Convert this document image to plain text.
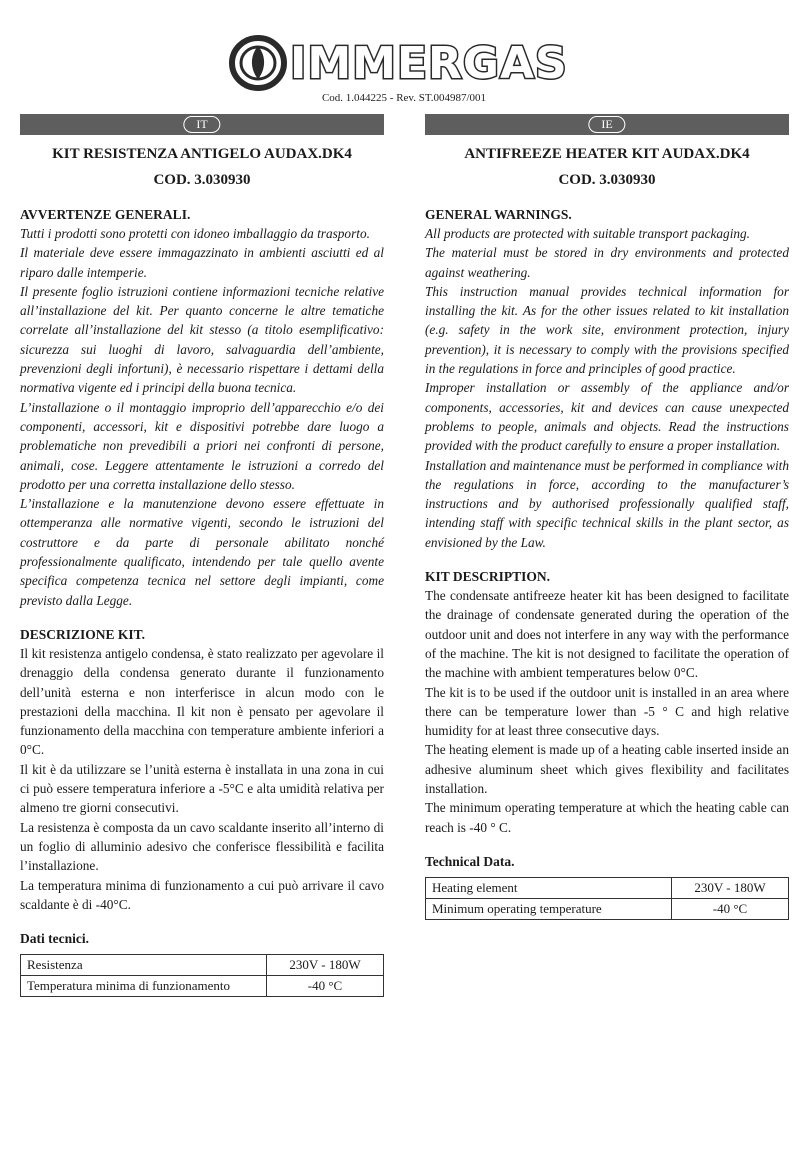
IMMERGAS
Cod. 1.044225 - Rev. ST.004987/001
IT
KIT RESISTENZA ANTIGELO AUDAX.DK4
COD. 3.030930
AVVERTENZE GENERALI.

Tutti i prodotti sono protetti con idoneo imballaggio da trasporto.

Il materiale deve essere immagazzinato in ambienti asciutti ed al riparo dalle intemperie.

Il presente foglio istruzioni contiene informazioni tecniche relative all’installazione del kit. Per quanto concerne le altre tematiche correlate all’installazione del kit stesso (a titolo esemplificativo: sicurezza sui luoghi di lavoro, salvaguardia dell’ambiente, prevenzioni degli infortuni), è necessario rispettare i dettami della normativa vigente ed i principi della buona tecnica.

L’installazione o il montaggio improprio dell’apparecchio e/o dei componenti, accessori, kit e dispositivi potrebbe dare luogo a problematiche non prevedibili a priori nei confronti di persone, animali, cose. Leggere attentamente le istruzioni a corredo del prodotto per una corretta installazione dello stesso.

L’installazione e la manutenzione devono essere effettuate in ottemperanza alle normative vigenti, secondo le istruzioni del costruttore e da parte di personale abilitato nonché professionalmente qualificato, intendendo per tale quello avente specifica competenza tecnica nel settore degli impianti, come previsto dalla Legge.

DESCRIZIONE KIT.

Il kit resistenza antigelo condensa, è stato realizzato per agevolare il drenaggio della condensa generato durante il funzionamento dell’unità esterna e non interferisce in alcun modo con le prestazioni della macchina. Il kit non è pensato per agevolare il funzionamento della macchina con temperature ambiente inferiori a 0°C.

Il kit è da utilizzare se l’unità esterna è installata in una zona in cui ci può essere temperatura inferiore a -5°C e alta umidità relativa per almeno tre giorni consecutivi.

La resistenza è composta da un cavo scaldante inserito all’interno di un foglio di alluminio adesivo che conferisce flessibilità e facilita l’installazione.

La temperatura minima di funzionamento a cui può arrivare il cavo scaldante è di -40°C.

Dati tecnici.
Resistenza	230V - 180W
Temperatura minima di funzionamento	-40 °C
IE
ANTIFREEZE HEATER KIT AUDAX.DK4
COD. 3.030930
GENERAL WARNINGS.

All products are protected with suitable transport packaging.

The material must be stored in dry environments and protected against weathering.

This instruction manual provides technical information for installing the kit. As for the other issues related to kit installation (e.g. safety in the work site, environment protection, injury prevention), it is necessary to comply with the provisions specified in the regulations in force and principles of good practice.

Improper installation or assembly of the appliance and/or components, accessories, kit and devices can cause unexpected problems to people, animals and objects. Read the instructions provided with the product carefully to ensure a proper installation.

Installation and maintenance must be performed in compliance with the regulations in force, according to the manufacturer’s instructions and by authorised professionally qualified staff, intending staff with specific technical skills in the plant sector, as envisioned by the Law.

KIT DESCRIPTION.

The condensate antifreeze heater kit has been designed to facilitate the drainage of condensate generated during the operation of the outdoor unit and does not interfere in any way with the performance of the machine. The kit is not designed to facilitate the operation of the machine with ambient temperatures below 0°C.

The kit is to be used if the outdoor unit is installed in an area where there can be temperature lower than -5 ° C and high relative humidity for at least three consecutive days.

The heating element is made up of a heating cable inserted inside an adhesive aluminum sheet which gives flexibility and facilitates installation.

The minimum operating temperature at which the heating cable can reach is -40 ° C.

Technical Data.
Heating element	230V - 180W
Minimum operating temperature	-40 °C
